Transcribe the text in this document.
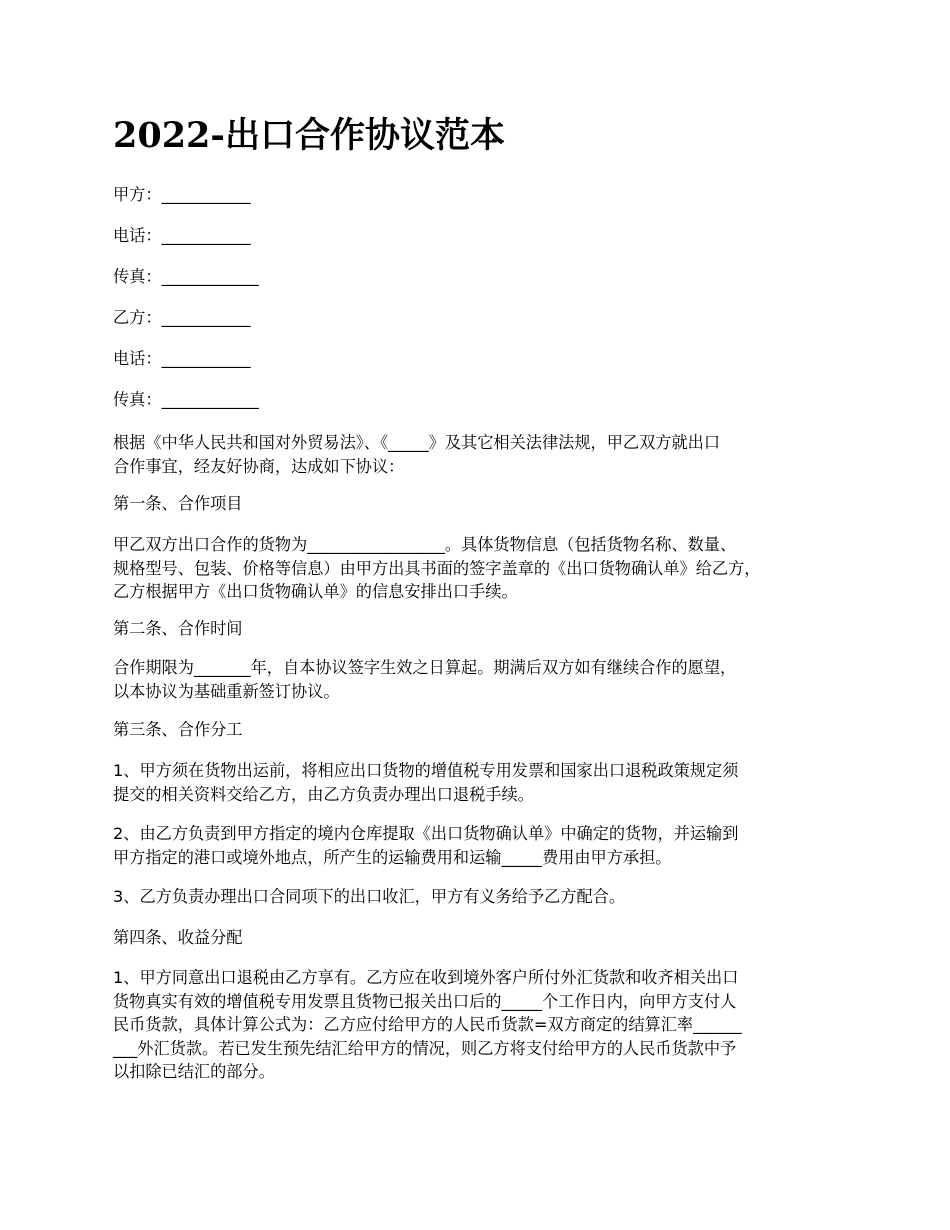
2022-出口合作协议范本
甲方：___________
电话：___________
传真：____________
乙方：___________
电话：___________
传真：____________
根据《中华人民共和国对外贸易法》、《_____》及其它相关法律法规，甲乙双方就出口
合作事宜，经友好协商，达成如下协议：
第一条、合作项目
甲乙双方出口合作的货物为_________________。具体货物信息（包括货物名称、数量、
规格型号、包装、价格等信息）由甲方出具书面的签字盖章的《出口货物确认单》给乙方，
乙方根据甲方《出口货物确认单》的信息安排出口手续。
第二条、合作时间
合作期限为_______年，自本协议签字生效之日算起。期满后双方如有继续合作的愿望，
以本协议为基础重新签订协议。
第三条、合作分工
1、甲方须在货物出运前，将相应出口货物的增值税专用发票和国家出口退税政策规定须
提交的相关资料交给乙方，由乙方负责办理出口退税手续。
2、由乙方负责到甲方指定的境内仓库提取《出口货物确认单》中确定的货物，并运输到
甲方指定的港口或境外地点，所产生的运输费用和运输_____费用由甲方承担。
3、乙方负责办理出口合同项下的出口收汇，甲方有义务给予乙方配合。
第四条、收益分配
1、甲方同意出口退税由乙方享有。乙方应在收到境外客户所付外汇货款和收齐相关出口
货物真实有效的增值税专用发票且货物已报关出口后的_____个工作日内，向甲方支付人
民币货款，具体计算公式为：乙方应付给甲方的人民币货款=双方商定的结算汇率______
___外汇货款。若已发生预先结汇给甲方的情况，则乙方将支付给甲方的人民币货款中予
以扣除已结汇的部分。
